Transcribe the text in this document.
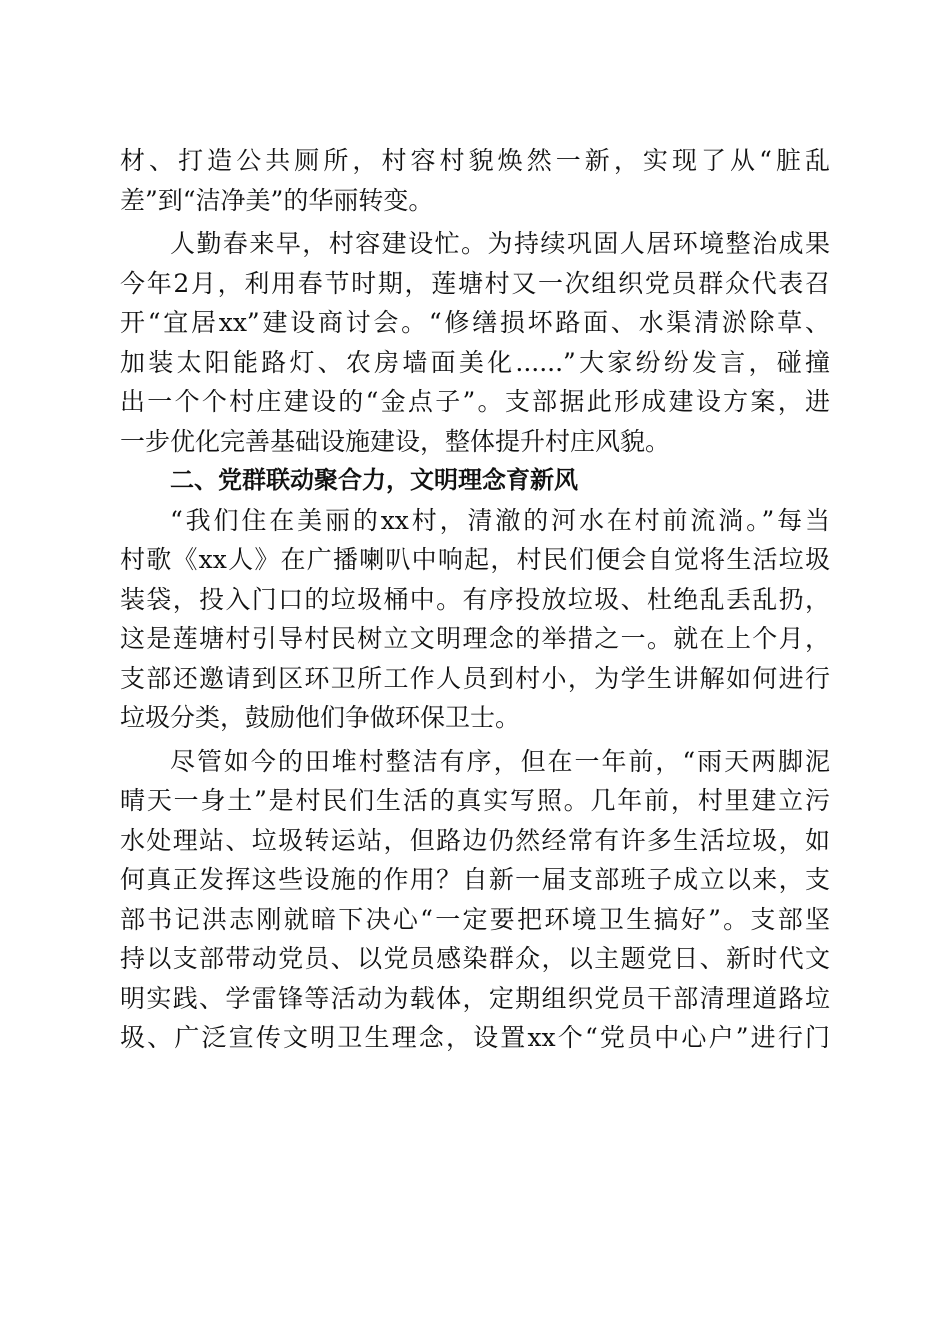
材、打造公共厕所，村容村貌焕然一新，实现了从“脏乱
差”到“洁净美”的华丽转变。
人勤春来早，村容建设忙。为持续巩固人居环境整治成果
今年2月，利用春节时期，莲塘村又一次组织党员群众代表召
开“宜居xx”建设商讨会。“修缮损坏路面、水渠清淤除草、
加装太阳能路灯、农房墙面美化......”大家纷纷发言，碰撞
出一个个村庄建设的“金点子”。支部据此形成建设方案，进
一步优化完善基础设施建设，整体提升村庄风貌。
二、党群联动聚合力，文明理念育新风
“我们住在美丽的xx村，清澈的河水在村前流淌。”每当
村歌《xx人》在广播喇叭中响起，村民们便会自觉将生活垃圾
装袋，投入门口的垃圾桶中。有序投放垃圾、杜绝乱丢乱扔，
这是莲塘村引导村民树立文明理念的举措之一。就在上个月，
支部还邀请到区环卫所工作人员到村小，为学生讲解如何进行
垃圾分类，鼓励他们争做环保卫士。
尽管如今的田堆村整洁有序，但在一年前，“雨天两脚泥
晴天一身土”是村民们生活的真实写照。几年前，村里建立污
水处理站、垃圾转运站，但路边仍然经常有许多生活垃圾，如
何真正发挥这些设施的作用？自新一届支部班子成立以来，支
部书记洪志刚就暗下决心“一定要把环境卫生搞好”。支部坚
持以支部带动党员、以党员感染群众，以主题党日、新时代文
明实践、学雷锋等活动为载体，定期组织党员干部清理道路垃
圾、广泛宣传文明卫生理念，设置xx个“党员中心户”进行门
